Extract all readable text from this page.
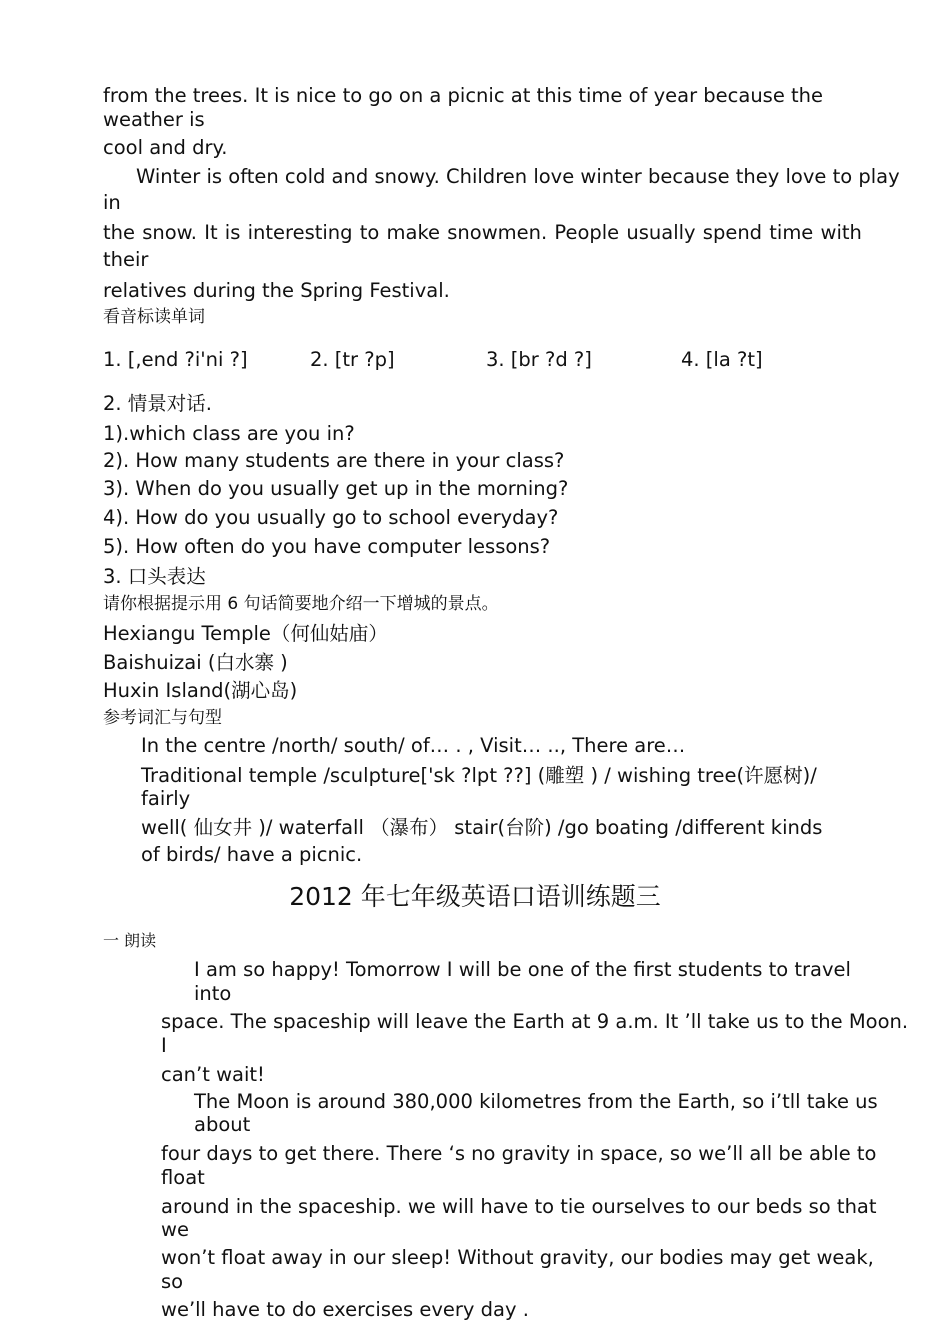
from the trees. It is nice to go on a picnic at this time of year because the
weather is
cool and dry.
Winter is often cold and snowy. Children love winter because they love to play
in
the snow. It is interesting to make snowmen. People usually spend time with
their
relatives during the Spring Festival.
看音标读单词
1. [,end ?i'ni ?]	2. [tr ?p]	3. [br ?d ?]	4. [la ?t]
2. 情景对话.
1).which class are you in?
2). How many students are there in your class?
3). When do you usually get up in the morning?
4). How do you usually go to school everyday?
5). How often do you have computer lessons?
3. 口头表达
请你根据提示用 6 句话简要地介绍一下增城的景点。
Hexiangu Temple（何仙姑庙）
Baishuizai (白水寨 )
Huxin Island(湖心岛)
参考词汇与句型
In the centre /north/ south/ of… . , Visit… .., There are…
Traditional temple /sculpture['sk ?lpt ??] (雕塑 ) / wishing tree(许愿树)/
fairly
well( 仙女井 )/ waterfall （瀑布） stair(台阶) /go boating /different kinds
of birds/ have a picnic.
2012 年七年级英语口语训练题三
一 朗读
I am so happy! Tomorrow I will be one of the first students to travel
into
space. The spaceship will leave the Earth at 9 a.m. It ’ll take us to the Moon.
I
can’t wait!
The Moon is around 380,000 kilometres from the Earth, so i’tll take us
about
four days to get there. There ‘s no gravity in space, so we’ll all be able to
float
around in the spaceship. we will have to tie ourselves to our beds so that
we
won’t float away in our sleep! Without gravity, our bodies may get weak,
so
we’ll have to do exercises every day .
